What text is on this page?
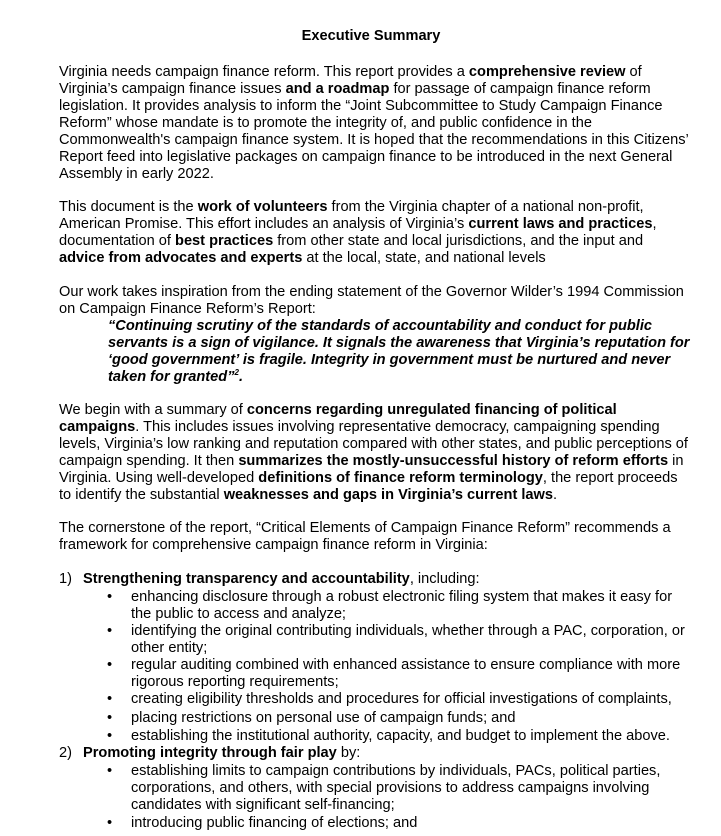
Executive Summary

Virginia needs campaign finance reform. This report provides a comprehensive review of Virginia’s campaign finance issues and a roadmap for passage of campaign finance reform legislation. It provides analysis to inform the “Joint Subcommittee to Study Campaign Finance Reform” whose mandate is to promote the integrity of, and public confidence in the Commonwealth's campaign finance system. It is hoped that the recommendations in this Citizens’ Report feed into legislative packages on campaign finance to be introduced in the next General Assembly in early 2022.

This document is the work of volunteers from the Virginia chapter of a national non-profit, American Promise. This effort includes an analysis of Virginia’s current laws and practices, documentation of best practices from other state and local jurisdictions, and the input and advice from advocates and experts at the local, state, and national levels

Our work takes inspiration from the ending statement of the Governor Wilder’s 1994 Commission on Campaign Finance Reform’s Report:

“Continuing scrutiny of the standards of accountability and conduct for public servants is a sign of vigilance. It signals the awareness that Virginia’s reputation for ‘good government’ is fragile. Integrity in government must be nurtured and never taken for granted”$^2$.

We begin with a summary of concerns regarding unregulated financing of political campaigns. This includes issues involving representative democracy, campaigning spending levels, Virginia’s low ranking and reputation compared with other states, and public perceptions of campaign spending. It then summarizes the mostly-unsuccessful history of reform efforts in Virginia. Using well-developed definitions of finance reform terminology, the report proceeds to identify the substantial weaknesses and gaps in Virginia’s current laws.

The cornerstone of the report, “Critical Elements of Campaign Finance Reform” recommends a framework for comprehensive campaign finance reform in Virginia:

1) Strengthening transparency and accountability, including:
• enhancing disclosure through a robust electronic filing system that makes it easy for the public to access and analyze;
• identifying the original contributing individuals, whether through a PAC, corporation, or other entity;
• regular auditing combined with enhanced assistance to ensure compliance with more rigorous reporting requirements;
• creating eligibility thresholds and procedures for official investigations of complaints,
• placing restrictions on personal use of campaign funds; and
• establishing the institutional authority, capacity, and budget to implement the above.
2) Promoting integrity through fair play by:
• establishing limits to campaign contributions by individuals, PACs, political parties, corporations, and others, with special provisions to address campaigns involving candidates with significant self-financing;
• introducing public financing of elections; and
